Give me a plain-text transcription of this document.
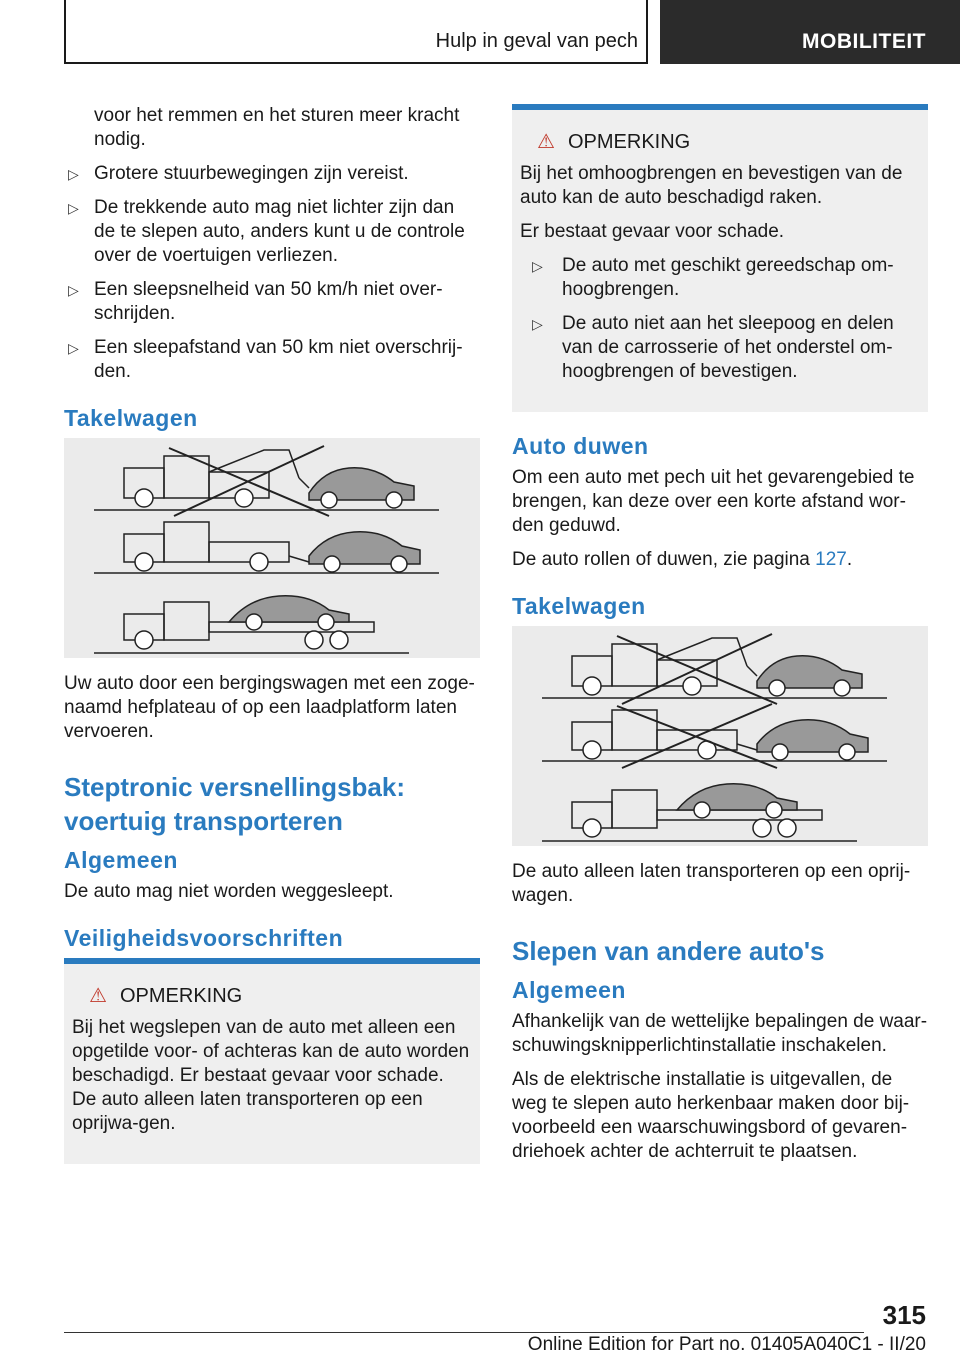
Hulp in geval van pech	MOBILITEIT

voor het remmen en het sturen meer kracht nodig.

▷ Grotere stuurbewegingen zijn vereist.
▷ De trekkende auto mag niet lichter zijn dan de te slepen auto, anders kunt u de controle over de voertuigen verliezen.
▷ Een sleepsnelheid van 50 km/h niet over-schrijden.
▷ Een sleepafstand van 50 km niet overschrij-den.
Takelwagen

Uw auto door een bergingswagen met een zoge-naamd hefplateau of op een laadplatform laten vervoeren.

Steptronic versnellingsbak: voertuig transporteren
Algemeen

De auto mag niet worden weggesleept.

Veiligheidsvoorschriften
⚠ OPMERKING

Bij het wegslepen van de auto met alleen een opgetilde voor- of achteras kan de auto worden beschadigd. Er bestaat gevaar voor schade. De auto alleen laten transporteren op een oprijwa-gen.

⚠ OPMERKING

Bij het omhoogbrengen en bevestigen van de auto kan de auto beschadigd raken.

Er bestaat gevaar voor schade.

▷ De auto met geschikt gereedschap om-hoogbrengen.
▷ De auto niet aan het sleepoog en delen van de carrosserie of het onderstel om-hoogbrengen of bevestigen.
Auto duwen

Om een auto met pech uit het gevarengebied te brengen, kan deze over een korte afstand wor-den geduwd.

De auto rollen of duwen, zie pagina 127.

Takelwagen

De auto alleen laten transporteren op een oprij-wagen.

Slepen van andere auto's
Algemeen

Afhankelijk van de wettelijke bepalingen de waar-schuwingsknipperlichtinstallatie inschakelen.

Als de elektrische installatie is uitgevallen, de weg te slepen auto herkenbaar maken door bij-voorbeeld een waarschuwingsbord of gevaren-driehoek achter de achterruit te plaatsen.

315
Online Edition for Part no. 01405A040C1 - II/20
